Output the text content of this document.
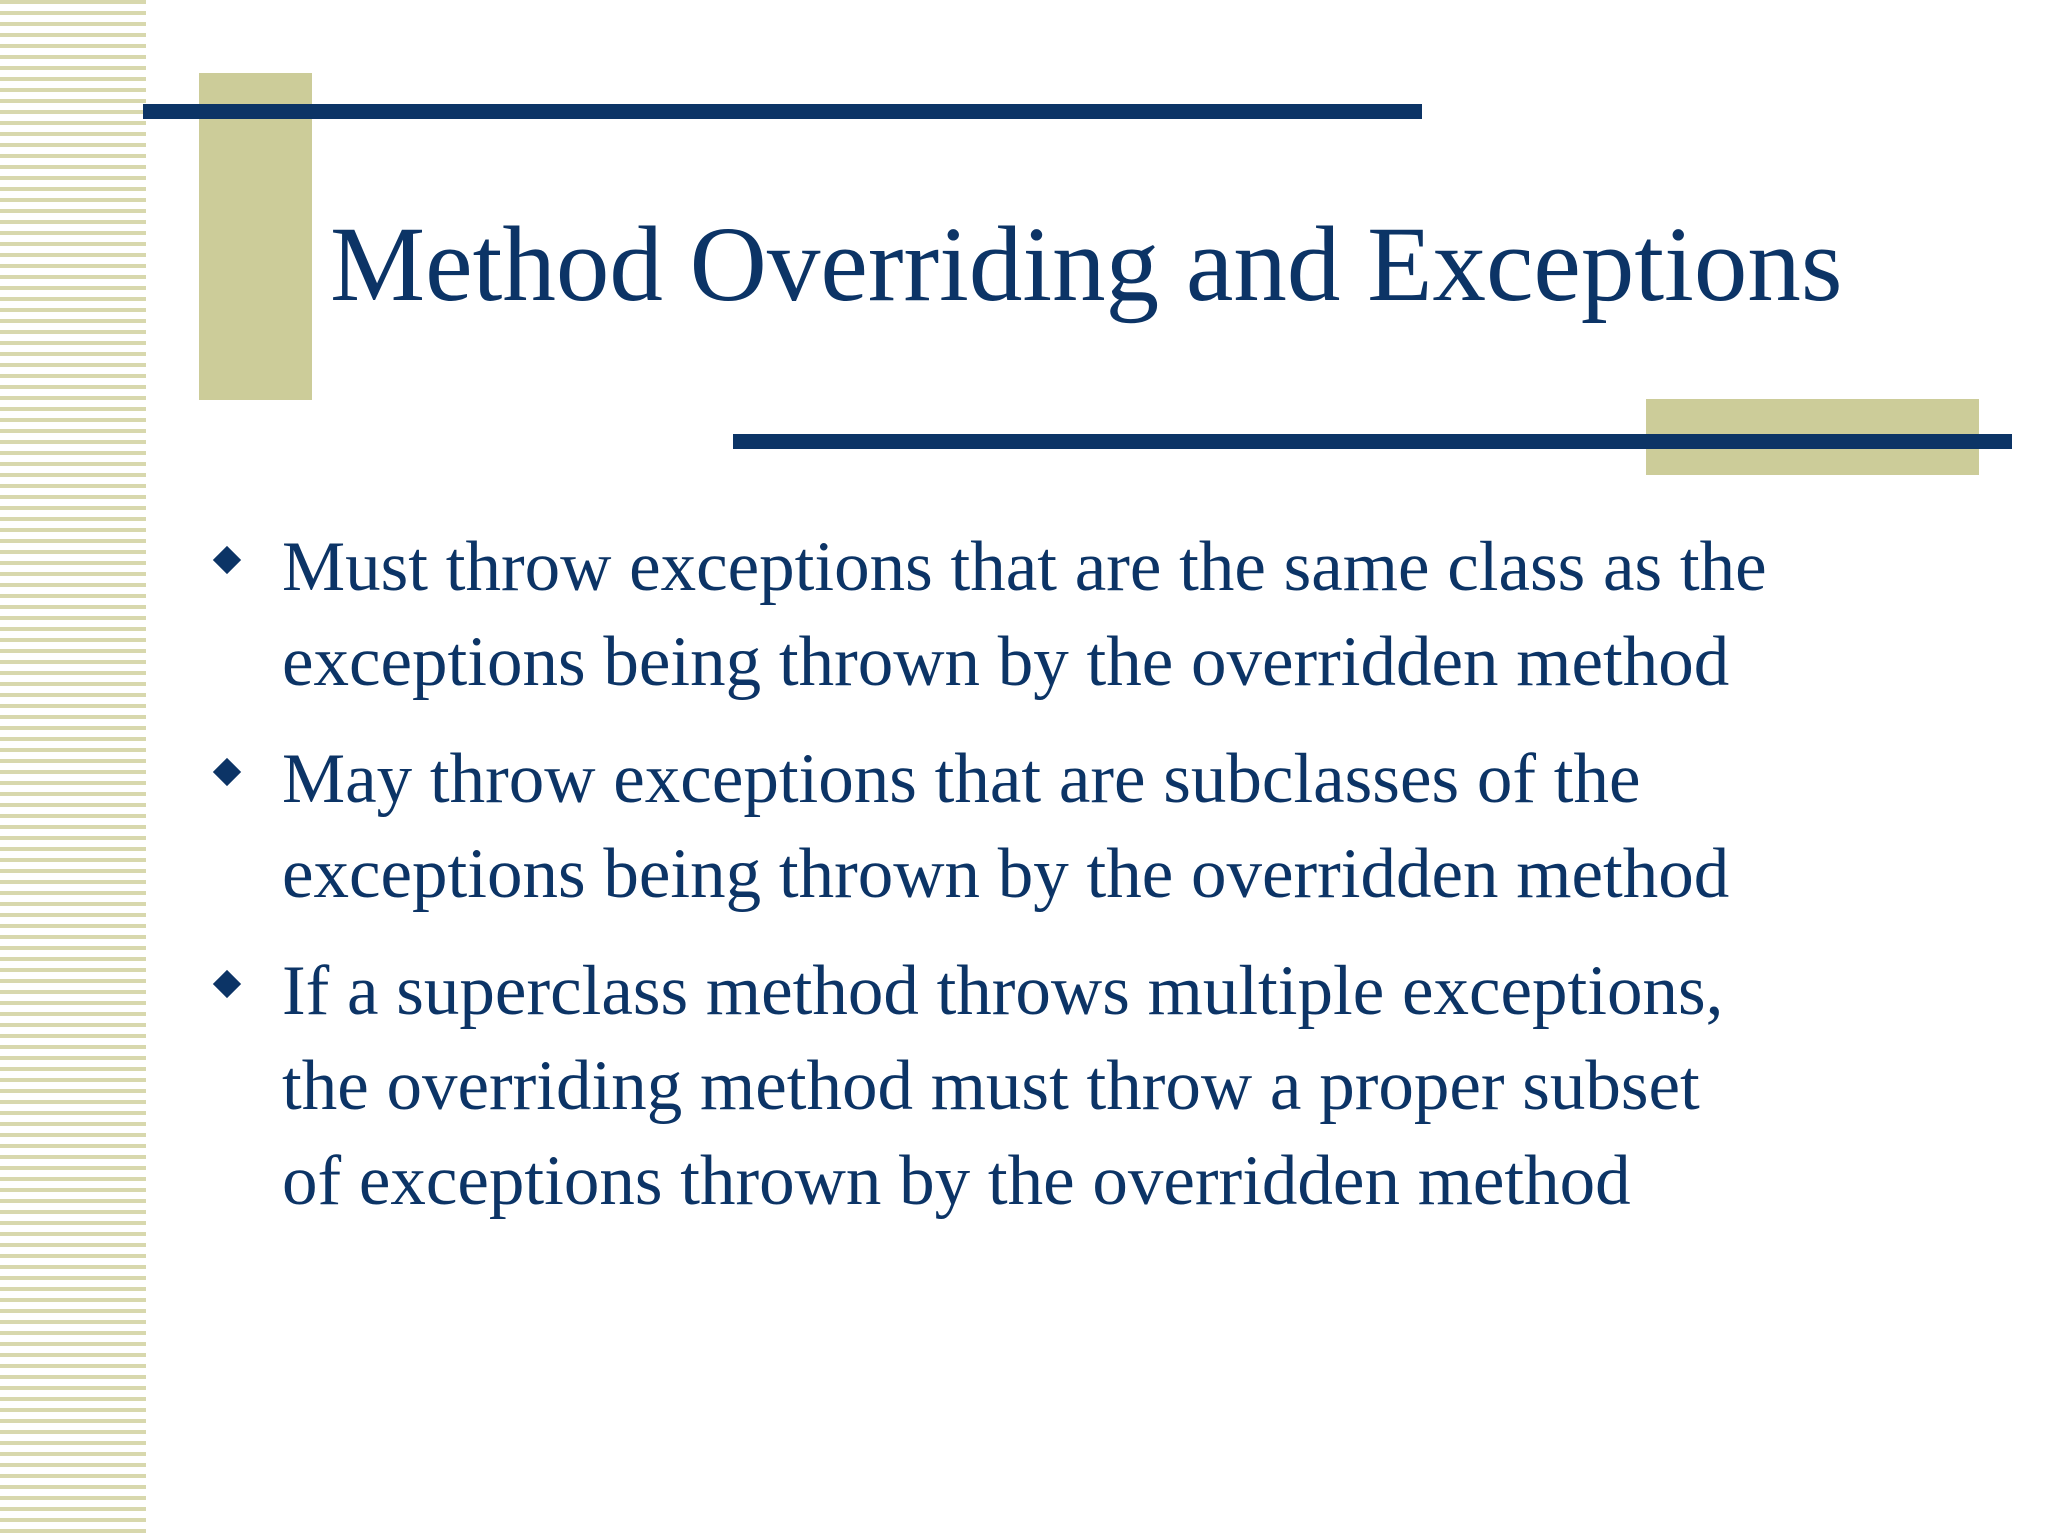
Method Overriding and Exceptions
Must throw exceptions that are the same class as the
exceptions being thrown by the overridden method
May throw exceptions that are subclasses of the
exceptions being thrown by the overridden method
If a superclass method throws multiple exceptions,
the overriding method must throw a proper subset
of exceptions thrown by the overridden method
